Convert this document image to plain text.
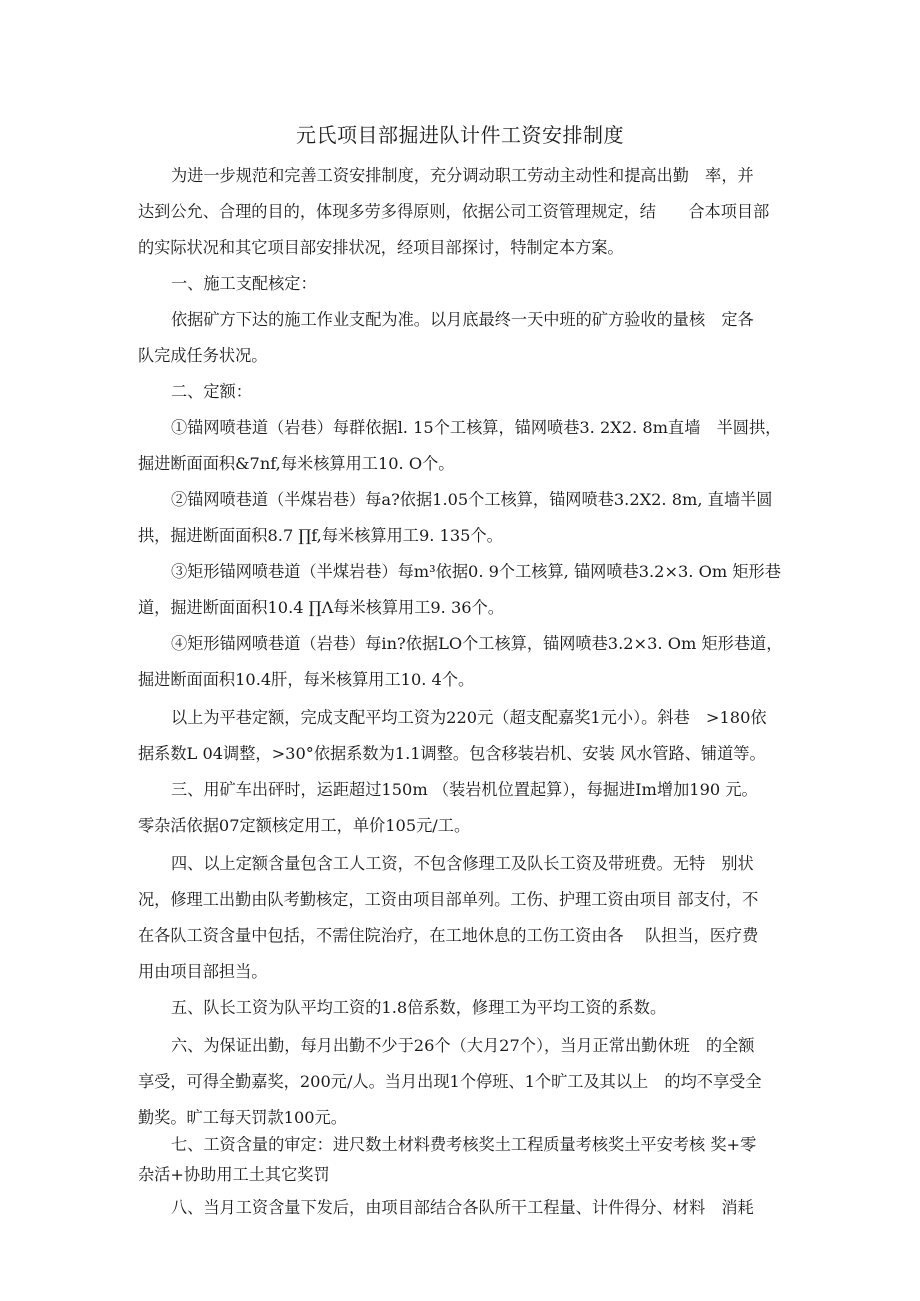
元氏项目部掘进队计件工资安排制度

为进一步规范和完善工资安排制度，充分调动职工劳动主动性和提高出勤　率，并
达到公允、合理的目的，体现多劳多得原则，依据公司工资管理规定，结　　合本项目部
的实际状况和其它项目部安排状况，经项目部探讨，特制定本方案。

一、施工支配核定：

依据矿方下达的施工作业支配为准。以月底最终一天中班的矿方验收的量核　定各
队完成任务状况。

二、定额：

①锚网喷巷道（岩巷）每群依据l. 15个工核算，锚网喷巷3. 2X2. 8m直墙　半圆拱，
掘进断面面积&7nf,每米核算用工10. O个。

②锚网喷巷道（半煤岩巷）每a?依据1.05个工核算，锚网喷巷3.2X2. 8m, 直墙半圆
拱，掘进断面面积8.7 ∏f,每米核算用工9. 135个。

③矩形锚网喷巷道（半煤岩巷）每m³依据0. 9个工核算, 锚网喷巷3.2×3. Om 矩形巷
道，掘进断面面积10.4 ∏Λ每米核算用工9. 36个。

④矩形锚网喷巷道（岩巷）每in?依据LO个工核算，锚网喷巷3.2×3. Om 矩形巷道，
掘进断面面积10.4肝，每米核算用工10. 4个。

以上为平巷定额，完成支配平均工资为220元（超支配嘉奖1元小）。斜巷　>180依
据系数L 04调整，>30°依据系数为1.1调整。包含移装岩机、安装 风水管路、铺道等。

三、用矿车出砰时，运距超过150m （装岩机位置起算），每掘进Im增加190 元。
零杂活依据07定额核定用工，单价105元/工。

四、以上定额含量包含工人工资，不包含修理工及队长工资及带班费。无特　别状
况，修理工出勤由队考勤核定，工资由项目部单列。工伤、护理工资由项目 部支付，不
在各队工资含量中包括，不需住院治疗，在工地休息的工伤工资由各　 队担当，医疗费
用由项目部担当。

五、队长工资为队平均工资的1.8倍系数，修理工为平均工资的系数。

六、为保证出勤，每月出勤不少于26个（大月27个），当月正常出勤休班　的全额
享受，可得全勤嘉奖，200元/人。当月出现1个停班、1个旷工及其以上　的均不享受全
勤奖。旷工每天罚款100元。

七、工资含量的审定：进尺数土材料费考核奖土工程质量考核奖土平安考核 奖+零
杂活+协助用工土其它奖罚

八、当月工资含量下发后，由项目部结合各队所干工程量、计件得分、材料　消耗
